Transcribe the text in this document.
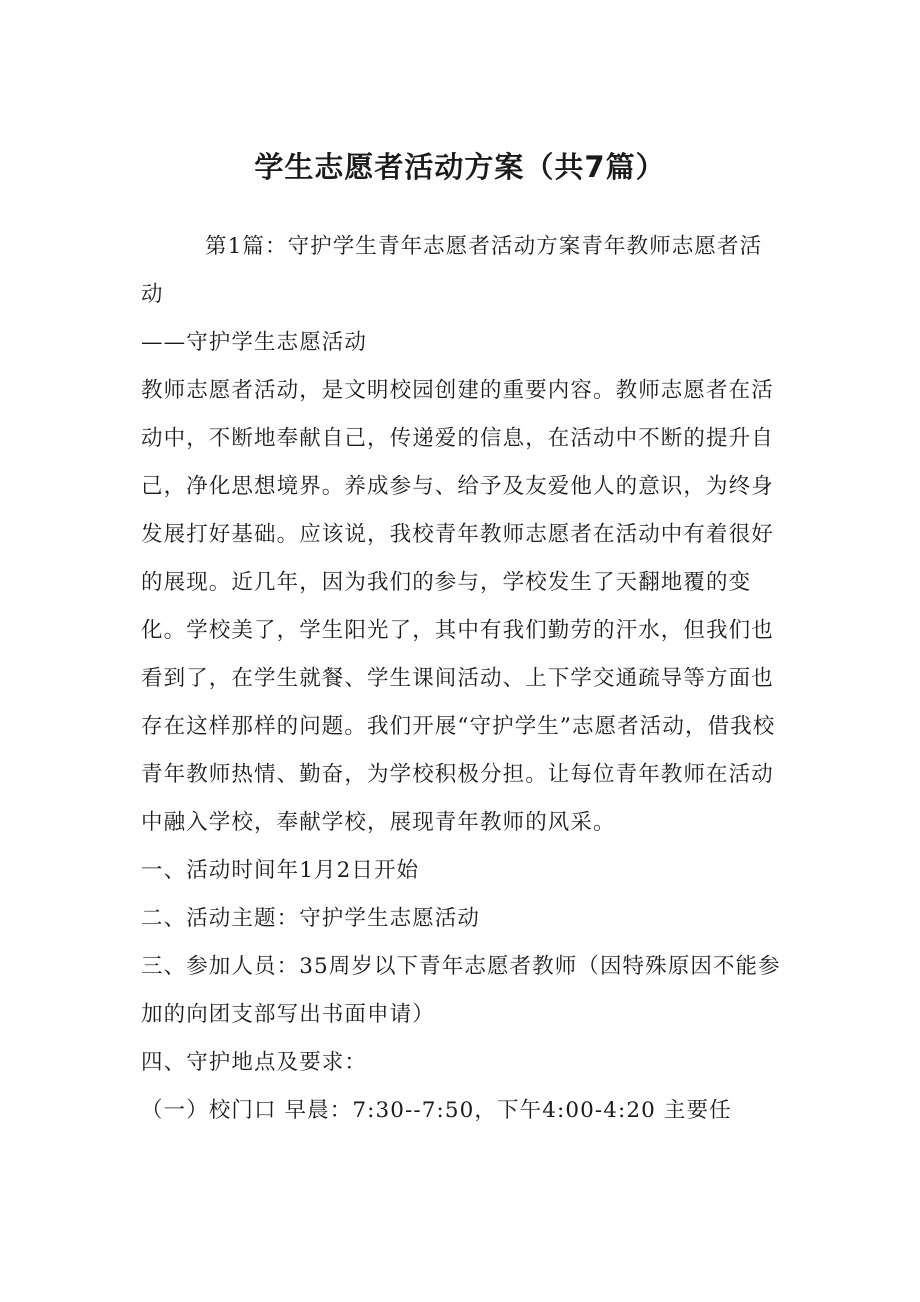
学生志愿者活动方案（共7篇）

第1篇：守护学生青年志愿者活动方案青年教师志愿者活动

——守护学生志愿活动

教师志愿者活动，是文明校园创建的重要内容。教师志愿者在活动中，不断地奉献自己，传递爱的信息，在活动中不断的提升自己，净化思想境界。养成参与、给予及友爱他人的意识，为终身发展打好基础。应该说，我校青年教师志愿者在活动中有着很好的展现。近几年，因为我们的参与，学校发生了天翻地覆的变化。学校美了，学生阳光了，其中有我们勤劳的汗水，但我们也看到了，在学生就餐、学生课间活动、上下学交通疏导等方面也存在这样那样的问题。我们开展“守护学生”志愿者活动，借我校青年教师热情、勤奋，为学校积极分担。让每位青年教师在活动中融入学校，奉献学校，展现青年教师的风采。

一、活动时间年1月2日开始

二、活动主题：守护学生志愿活动

三、参加人员：35周岁以下青年志愿者教师（因特殊原因不能参加的向团支部写出书面申请）

四、守护地点及要求：

（一）校门口 早晨：7:30--7:50，下午4:00-4:20 主要任
